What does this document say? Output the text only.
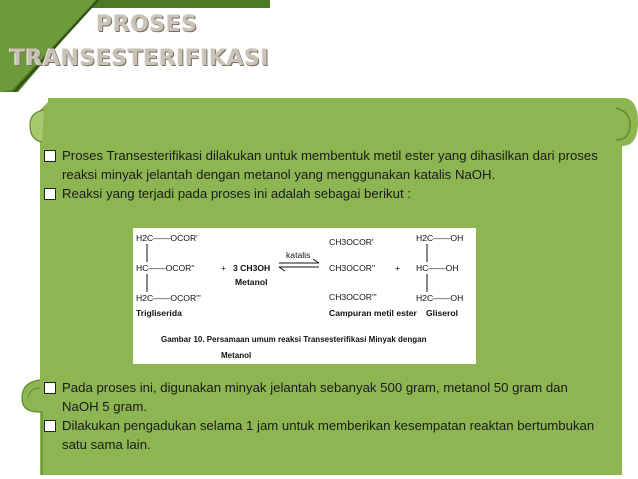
PROSES
TRANSESTERIFIKASI
Proses Transesterifikasi dilakukan untuk membentuk metil ester yang dihasilkan dari proses reaksi minyak jelantah dengan metanol yang menggunakan katalis NaOH.
Reaksi yang terjadi pada proses ini adalah sebagai berikut :
H2C——OCOR'
HC——OCOR"
H2C——OCOR'"
Trigliserida
+ 3 CH3OH
Metanol
katalis
CH3OCOR'
CH3OCOR"
CH3OCOR'"
Campuran metil ester
+
H2C——OH
HC——OH
H2C——OH
Gliserol
Gambar 10. Persamaan umum reaksi Transesterifikasi Minyak dengan
Metanol
Pada proses ini, digunakan minyak jelantah sebanyak 500 gram, metanol 50 gram dan NaOH 5 gram.
Dilakukan pengadukan selama 1 jam untuk memberikan kesempatan reaktan bertumbukan satu sama lain.
